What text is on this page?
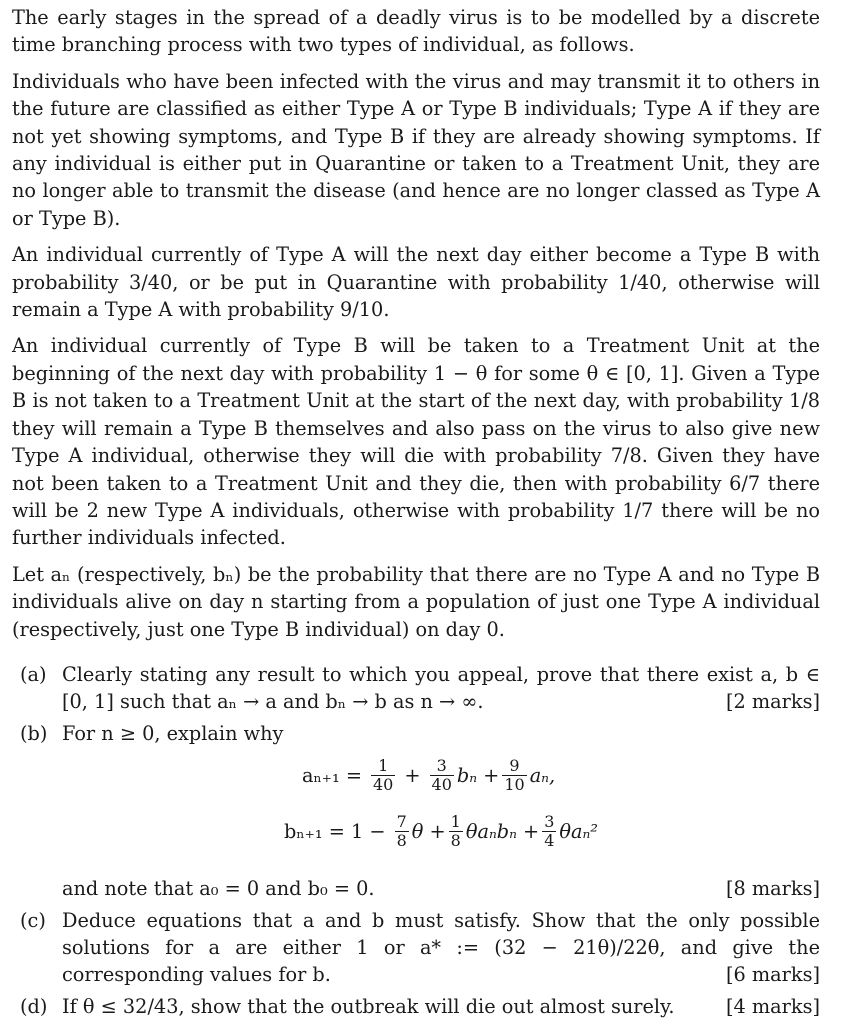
The early stages in the spread of a deadly virus is to be modelled by a discrete time branching process with two types of individual, as follows.

Individuals who have been infected with the virus and may transmit it to others in the future are classified as either Type A or Type B individuals; Type A if they are not yet showing symptoms, and Type B if they are already showing symptoms. If any individual is either put in Quarantine or taken to a Treatment Unit, they are no longer able to transmit the disease (and hence are no longer classed as Type A or Type B).

An individual currently of Type A will the next day either become a Type B with probability 3/40, or be put in Quarantine with probability 1/40, otherwise will remain a Type A with probability 9/10.

An individual currently of Type B will be taken to a Treatment Unit at the beginning of the next day with probability 1 − θ for some θ ∈ [0, 1]. Given a Type B is not taken to a Treatment Unit at the start of the next day, with probability 1/8 they will remain a Type B themselves and also pass on the virus to also give new Type A individual, otherwise they will die with probability 7/8. Given they have not been taken to a Treatment Unit and they die, then with probability 6/7 there will be 2 new Type A individuals, otherwise with probability 1/7 there will be no further individuals infected.

Let aₙ (respectively, bₙ) be the probability that there are no Type A and no Type B individuals alive on day n starting from a population of just one Type A individual (respectively, just one Type B individual) on day 0.

(a) Clearly stating any result to which you appeal, prove that there exist a, b ∈ [0, 1] such that aₙ → a and bₙ → b as n → ∞.	[2 marks]
(b) For n ≥ 0, explain why
$a_{n+1} = \frac{1}{40} + \frac{3}{40}$ $b_n + \frac{9}{10} a_n$,
$b_{n+1} = 1 - \frac{7}{8}$ $\theta + \frac{1}{8}$ $\theta a_nb_n + \frac{3}{4} \theta a_n^2$
and note that a₀ = 0 and b₀ = 0.	[8 marks]
(c) Deduce equations that a and b must satisfy. Show that the only possible solutions for a are either 1 or a* := (32 − 21θ)/22θ, and give the corresponding values for b.	[6 marks]
(d) If θ ≤ 32/43, show that the outbreak will die out almost surely.	[4 marks]
